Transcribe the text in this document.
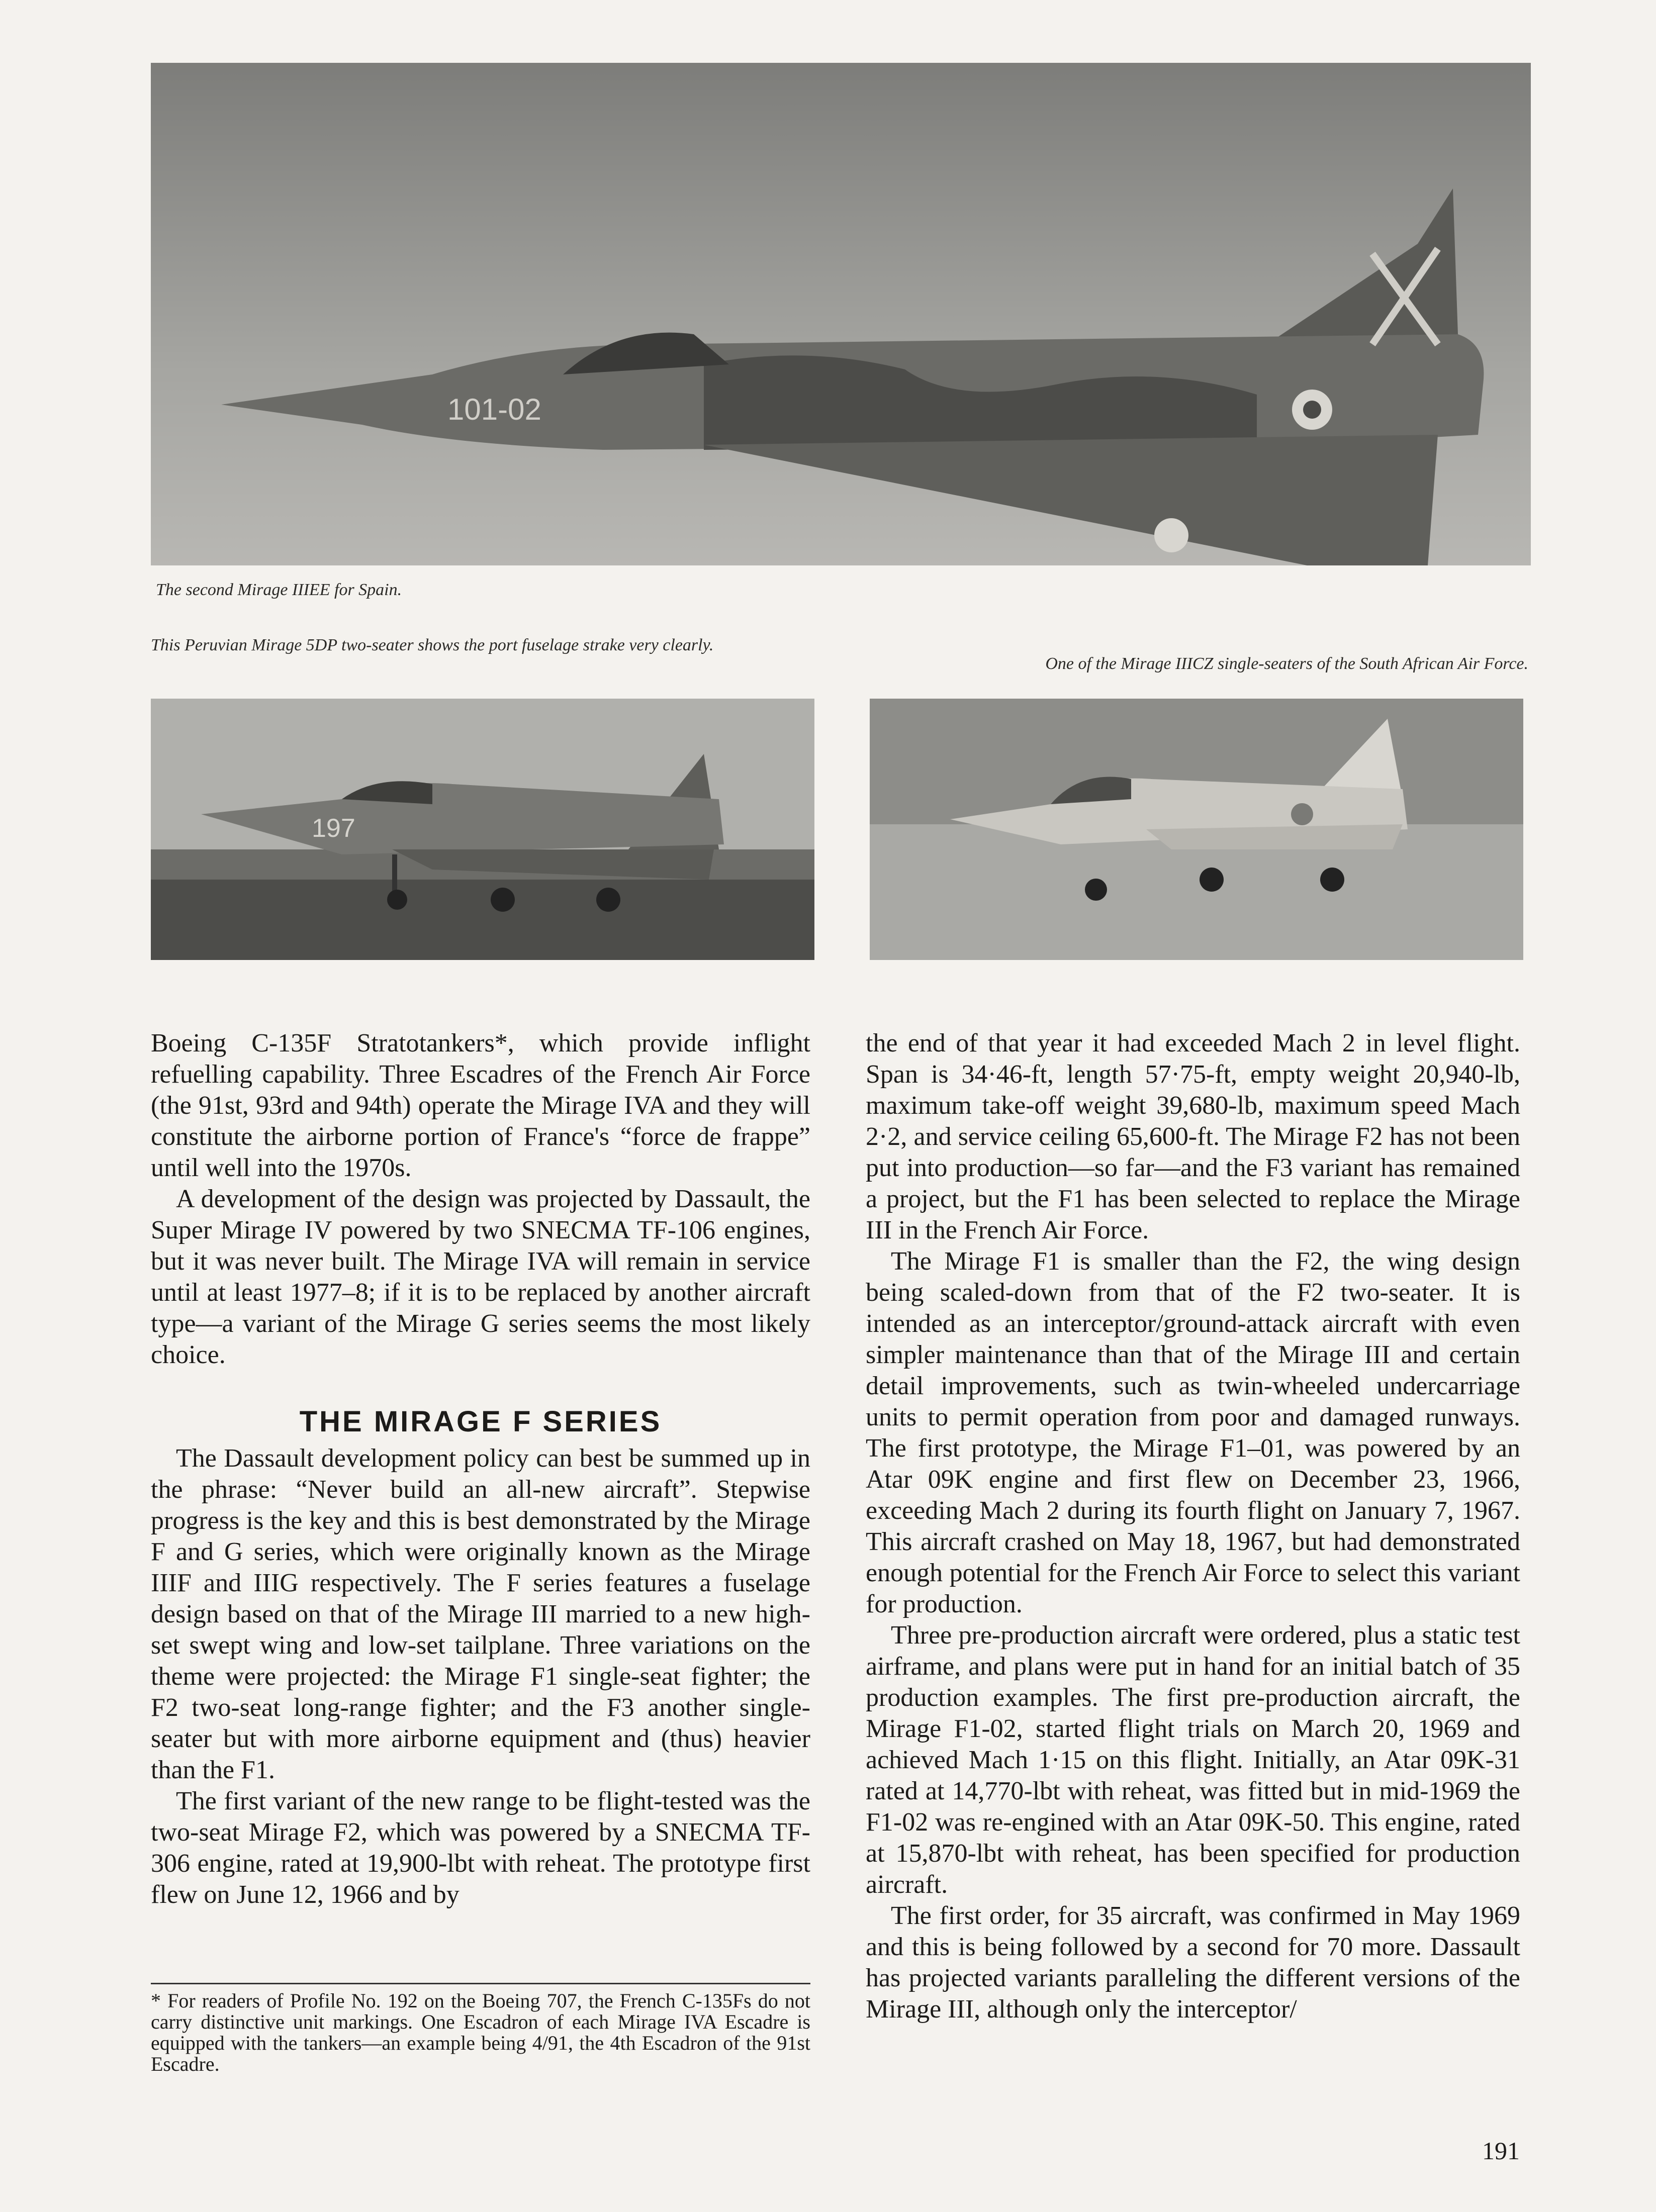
101-02

The second Mirage IIIEE for Spain.

This Peruvian Mirage 5DP two-seater shows the port fuselage strake very clearly.

One of the Mirage IIICZ single-seaters of the South African Air Force.

197

Boeing C-135F Stratotankers*, which provide inflight refuelling capability. Three Escadres of the French Air Force (the 91st, 93rd and 94th) operate the Mirage IVA and they will constitute the airborne portion of France's “force de frappe” until well into the 1970s.

A development of the design was projected by Dassault, the Super Mirage IV powered by two SNECMA TF-106 engines, but it was never built. The Mirage IVA will remain in service until at least 1977–8; if it is to be replaced by another aircraft type—a variant of the Mirage G series seems the most likely choice.

THE MIRAGE F SERIES

The Dassault development policy can best be summed up in the phrase: “Never build an all-new aircraft”. Stepwise progress is the key and this is best demonstrated by the Mirage F and G series, which were originally known as the Mirage IIIF and IIIG respectively. The F series features a fuselage design based on that of the Mirage III married to a new high-set swept wing and low-set tailplane. Three variations on the theme were projected: the Mirage F1 single-seat fighter; the F2 two-seat long-range fighter; and the F3 another single-seater but with more airborne equipment and (thus) heavier than the F1.

The first variant of the new range to be flight-tested was the two-seat Mirage F2, which was powered by a SNECMA TF-306 engine, rated at 19,900-lbt with reheat. The prototype first flew on June 12, 1966 and by

* For readers of Profile No. 192 on the Boeing 707, the French C-135Fs do not carry distinctive unit markings. One Escadron of each Mirage IVA Escadre is equipped with the tankers—an example being 4/91, the 4th Escadron of the 91st Escadre.

the end of that year it had exceeded Mach 2 in level flight. Span is 34·46-ft, length 57·75-ft, empty weight 20,940-lb, maximum take-off weight 39,680-lb, maximum speed Mach 2·2, and service ceiling 65,600-ft. The Mirage F2 has not been put into production—so far—and the F3 variant has remained a project, but the F1 has been selected to replace the Mirage III in the French Air Force.

The Mirage F1 is smaller than the F2, the wing design being scaled-down from that of the F2 two-seater. It is intended as an interceptor/ground-attack aircraft with even simpler maintenance than that of the Mirage III and certain detail improvements, such as twin-wheeled undercarriage units to permit operation from poor and damaged runways. The first prototype, the Mirage F1–01, was powered by an Atar 09K engine and first flew on December 23, 1966, exceeding Mach 2 during its fourth flight on January 7, 1967. This aircraft crashed on May 18, 1967, but had demonstrated enough potential for the French Air Force to select this variant for production.

Three pre-production aircraft were ordered, plus a static test airframe, and plans were put in hand for an initial batch of 35 production examples. The first pre-production aircraft, the Mirage F1-02, started flight trials on March 20, 1969 and achieved Mach 1·15 on this flight. Initially, an Atar 09K-31 rated at 14,770-lbt with reheat, was fitted but in mid-1969 the F1-02 was re-engined with an Atar 09K-50. This engine, rated at 15,870-lbt with reheat, has been specified for production aircraft.

The first order, for 35 aircraft, was confirmed in May 1969 and this is being followed by a second for 70 more. Dassault has projected variants paralleling the different versions of the Mirage III, although only the interceptor/

191
